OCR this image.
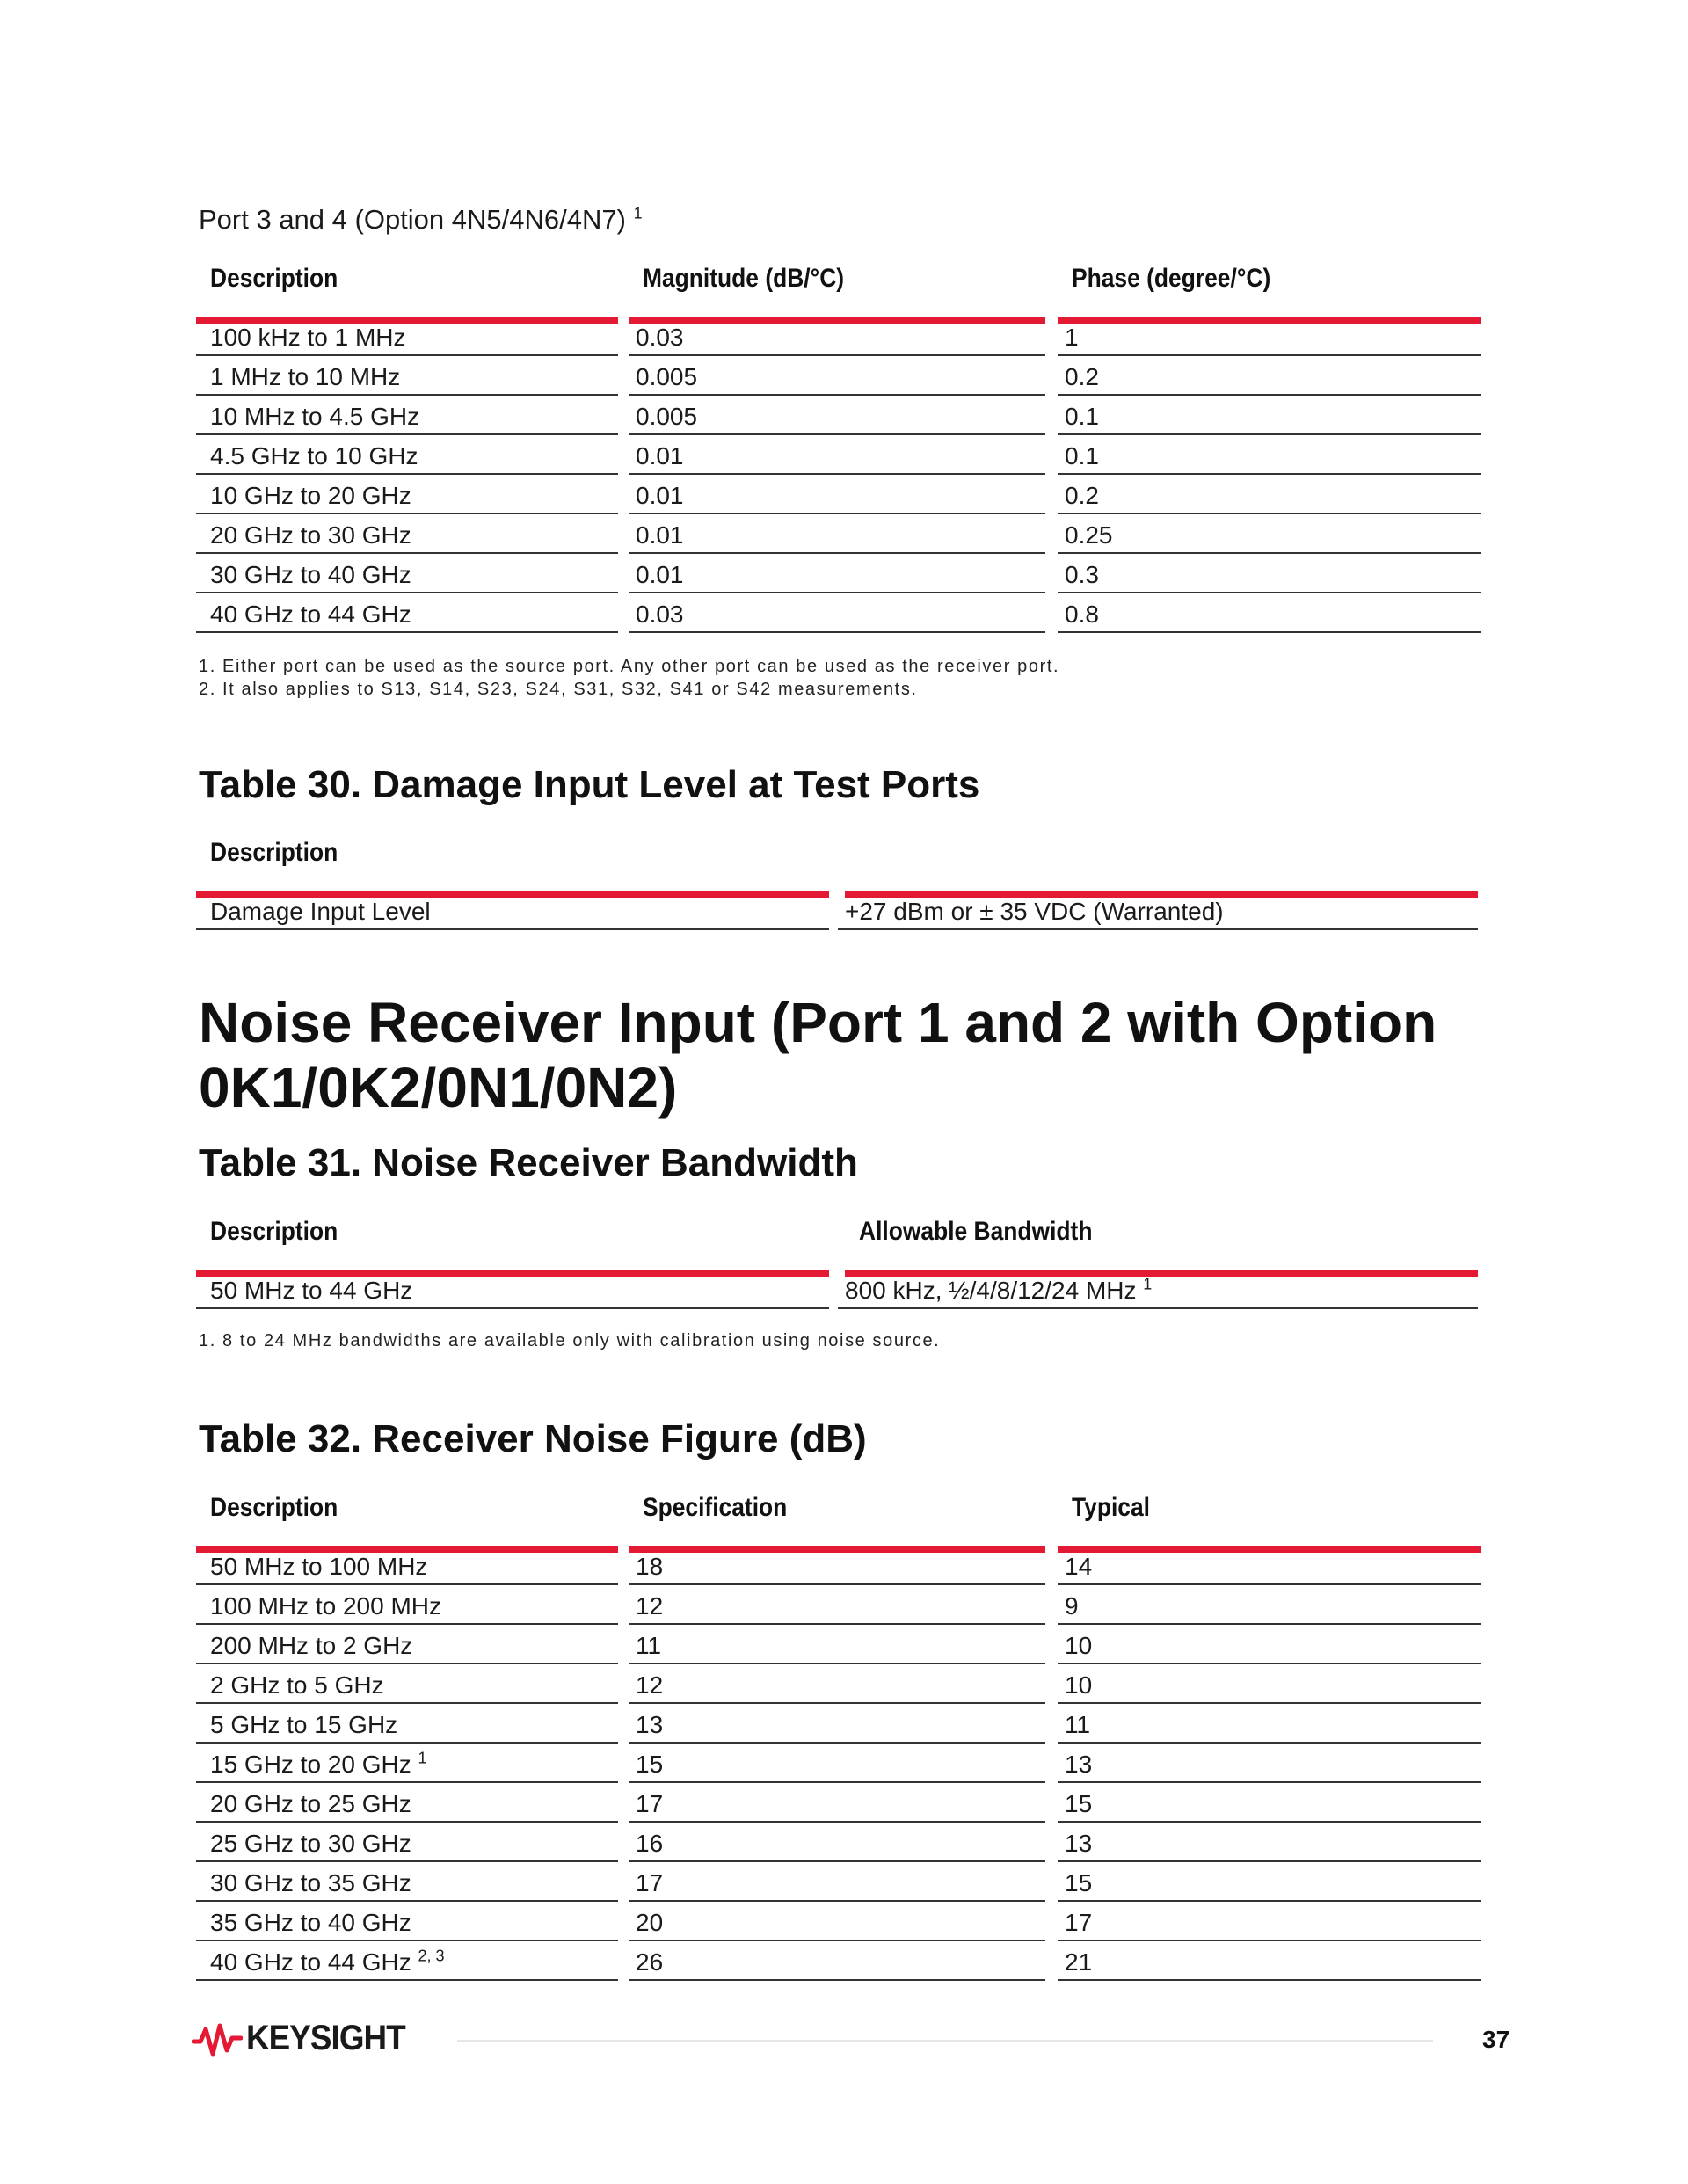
Port 3 and 4 (Option 4N5/4N6/4N7) $^1$
Description	Magnitude (dB/°C)	Phase (degree/°C)
100 kHz to 1 MHz	0.03	1
1 MHz to 10 MHz	0.005	0.2
10 MHz to 4.5 GHz	0.005	0.1
4.5 GHz to 10 GHz	0.01	0.1
10 GHz to 20 GHz	0.01	0.2
20 GHz to 30 GHz	0.01	0.25
30 GHz to 40 GHz	0.01	0.3
40 GHz to 44 GHz	0.03	0.8
1. Either port can be used as the source port. Any other port can be used as the receiver port.
2. It also applies to S13, S14, S23, S24, S31, S32, S41 or S42 measurements.
Table 30. Damage Input Level at Test Ports
Description
Damage Input Level	+27 dBm or ± 35 VDC (Warranted)
Noise Receiver Input (Port 1 and 2 with Option
0K1/0K2/0N1/0N2)
Table 31. Noise Receiver Bandwidth
Description	Allowable Bandwidth
50 MHz to 44 GHz	800 kHz, ½/4/8/12/24 MHz $^1$
1. 8 to 24 MHz bandwidths are available only with calibration using noise source.
Table 32. Receiver Noise Figure (dB)
Description	Specification	Typical
50 MHz to 100 MHz	18	14
100 MHz to 200 MHz	12	9
200 MHz to 2 GHz	11	10
2 GHz to 5 GHz	12	10
5 GHz to 15 GHz	13	11
15 GHz to 20 GHz $^1$	15	13
20 GHz to 25 GHz	17	15
25 GHz to 30 GHz	16	13
30 GHz to 35 GHz	17	15
35 GHz to 40 GHz	20	17
40 GHz to 44 GHz $^{2, 3}$	26	21
KEYSIGHT	37
